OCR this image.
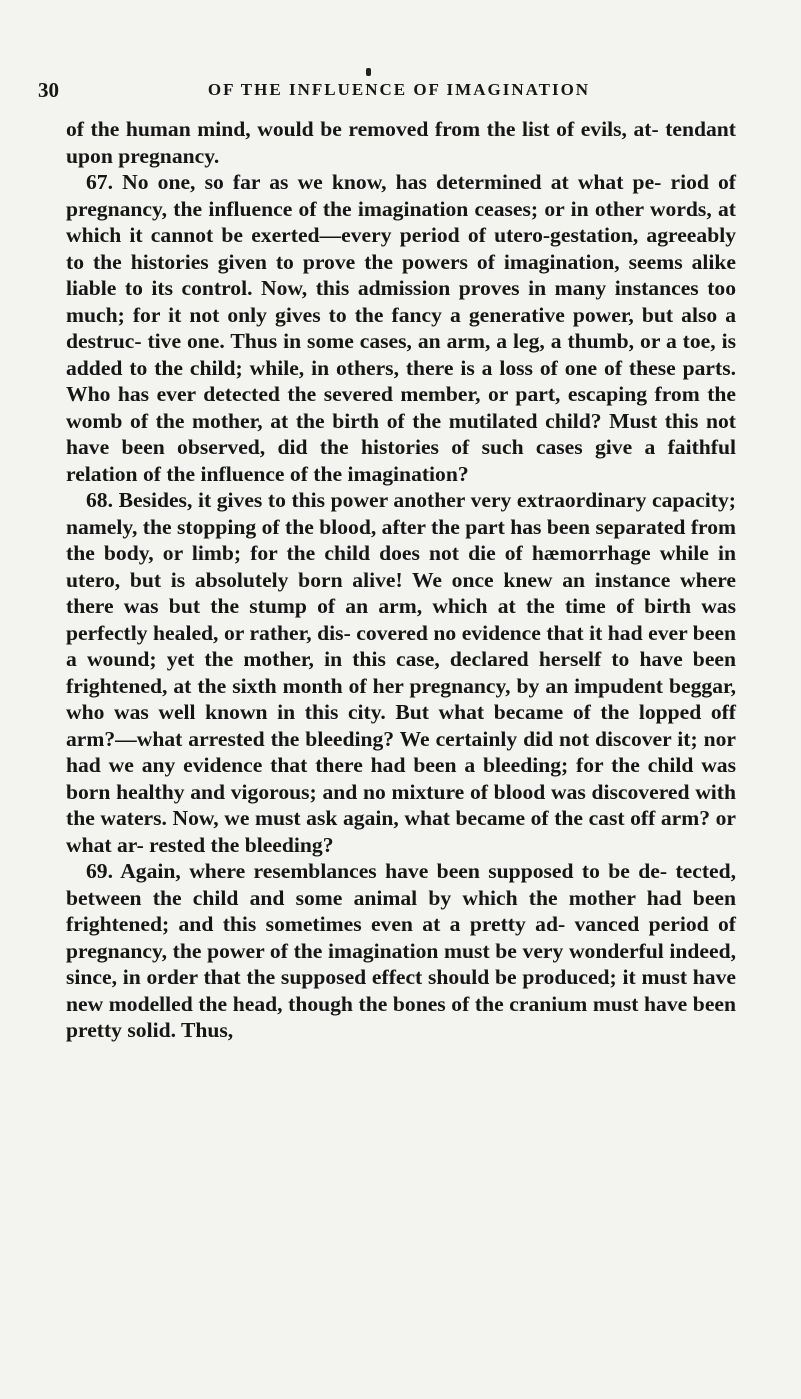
30	OF THE INFLUENCE OF IMAGINATION

of the human mind, would be removed from the list of evils, at- tendant upon pregnancy.

67. No one, so far as we know, has determined at what pe- riod of pregnancy, the influence of the imagination ceases; or in other words, at which it cannot be exerted—every period of utero-gestation, agreeably to the histories given to prove the powers of imagination, seems alike liable to its control. Now, this admission proves in many instances too much; for it not only gives to the fancy a generative power, but also a destruc- tive one. Thus in some cases, an arm, a leg, a thumb, or a toe, is added to the child; while, in others, there is a loss of one of these parts. Who has ever detected the severed member, or part, escaping from the womb of the mother, at the birth of the mutilated child? Must this not have been observed, did the histories of such cases give a faithful relation of the influence of the imagination?

68. Besides, it gives to this power another very extraordinary capacity; namely, the stopping of the blood, after the part has been separated from the body, or limb; for the child does not die of hæmorrhage while in utero, but is absolutely born alive! We once knew an instance where there was but the stump of an arm, which at the time of birth was perfectly healed, or rather, dis- covered no evidence that it had ever been a wound; yet the mother, in this case, declared herself to have been frightened, at the sixth month of her pregnancy, by an impudent beggar, who was well known in this city. But what became of the lopped off arm?—what arrested the bleeding? We certainly did not discover it; nor had we any evidence that there had been a bleeding; for the child was born healthy and vigorous; and no mixture of blood was discovered with the waters. Now, we must ask again, what became of the cast off arm? or what ar- rested the bleeding?

69. Again, where resemblances have been supposed to be de- tected, between the child and some animal by which the mother had been frightened; and this sometimes even at a pretty ad- vanced period of pregnancy, the power of the imagination must be very wonderful indeed, since, in order that the supposed effect should be produced; it must have new modelled the head, though the bones of the cranium must have been pretty solid. Thus,
